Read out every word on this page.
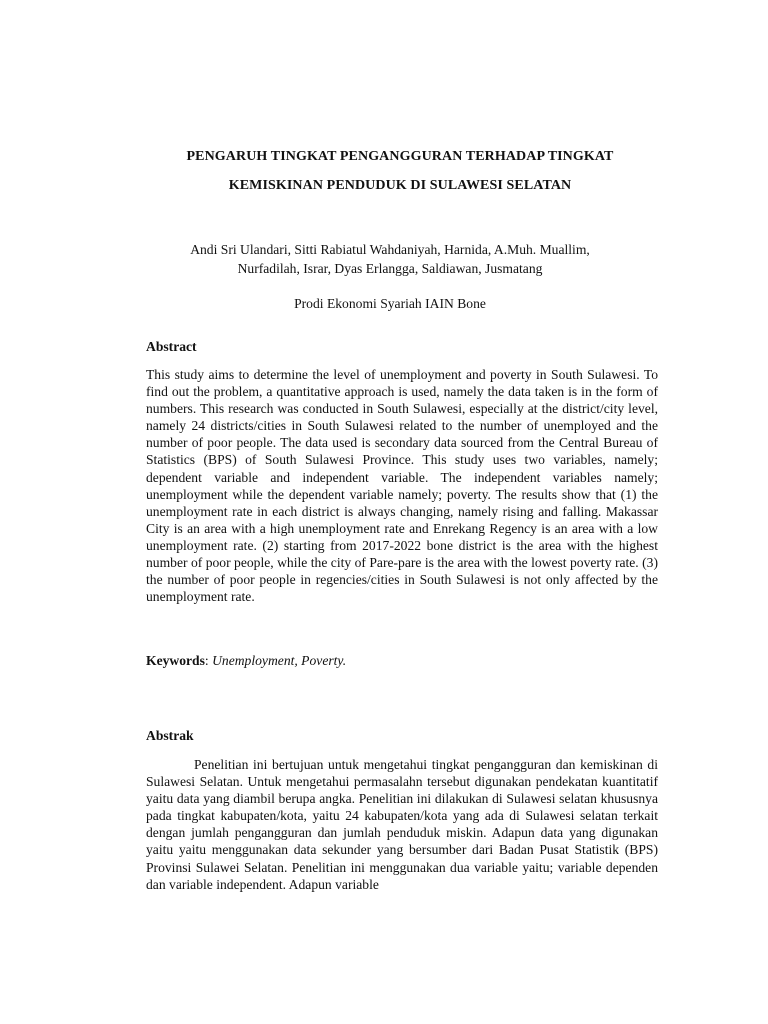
PENGARUH TINGKAT PENGANGGURAN TERHADAP TINGKAT
KEMISKINAN PENDUDUK DI SULAWESI SELATAN
Andi Sri Ulandari, Sitti Rabiatul Wahdaniyah, Harnida, A.Muh. Muallim,
Nurfadilah, Israr, Dyas Erlangga, Saldiawan, Jusmatang
Prodi Ekonomi Syariah IAIN Bone
Abstract
This study aims to determine the level of unemployment and poverty in South Sulawesi. To find out the problem, a quantitative approach is used, namely the data taken is in the form of numbers. This research was conducted in South Sulawesi, especially at the district/city level, namely 24 districts/cities in South Sulawesi related to the number of unemployed and the number of poor people. The data used is secondary data sourced from the Central Bureau of Statistics (BPS) of South Sulawesi Province. This study uses two variables, namely; dependent variable and independent variable. The independent variables namely; unemployment while the dependent variable namely; poverty. The results show that (1) the unemployment rate in each district is always changing, namely rising and falling. Makassar City is an area with a high unemployment rate and Enrekang Regency is an area with a low unemployment rate. (2) starting from 2017-2022 bone district is the area with the highest number of poor people, while the city of Pare-pare is the area with the lowest poverty rate. (3) the number of poor people in regencies/cities in South Sulawesi is not only affected by the unemployment rate.
Keywords: Unemployment, Poverty.
Abstrak
Penelitian ini bertujuan untuk mengetahui tingkat pengangguran dan kemiskinan di Sulawesi Selatan. Untuk mengetahui permasalahn tersebut digunakan pendekatan kuantitatif yaitu data yang diambil berupa angka. Penelitian ini dilakukan di Sulawesi selatan khususnya pada tingkat kabupaten/kota, yaitu 24 kabupaten/kota yang ada di Sulawesi selatan terkait dengan jumlah pengangguran dan jumlah penduduk miskin. Adapun data yang digunakan yaitu yaitu menggunakan data sekunder yang bersumber dari Badan Pusat Statistik (BPS) Provinsi Sulawei Selatan. Penelitian ini menggunakan dua variable yaitu; variable dependen dan variable independent. Adapun variable
